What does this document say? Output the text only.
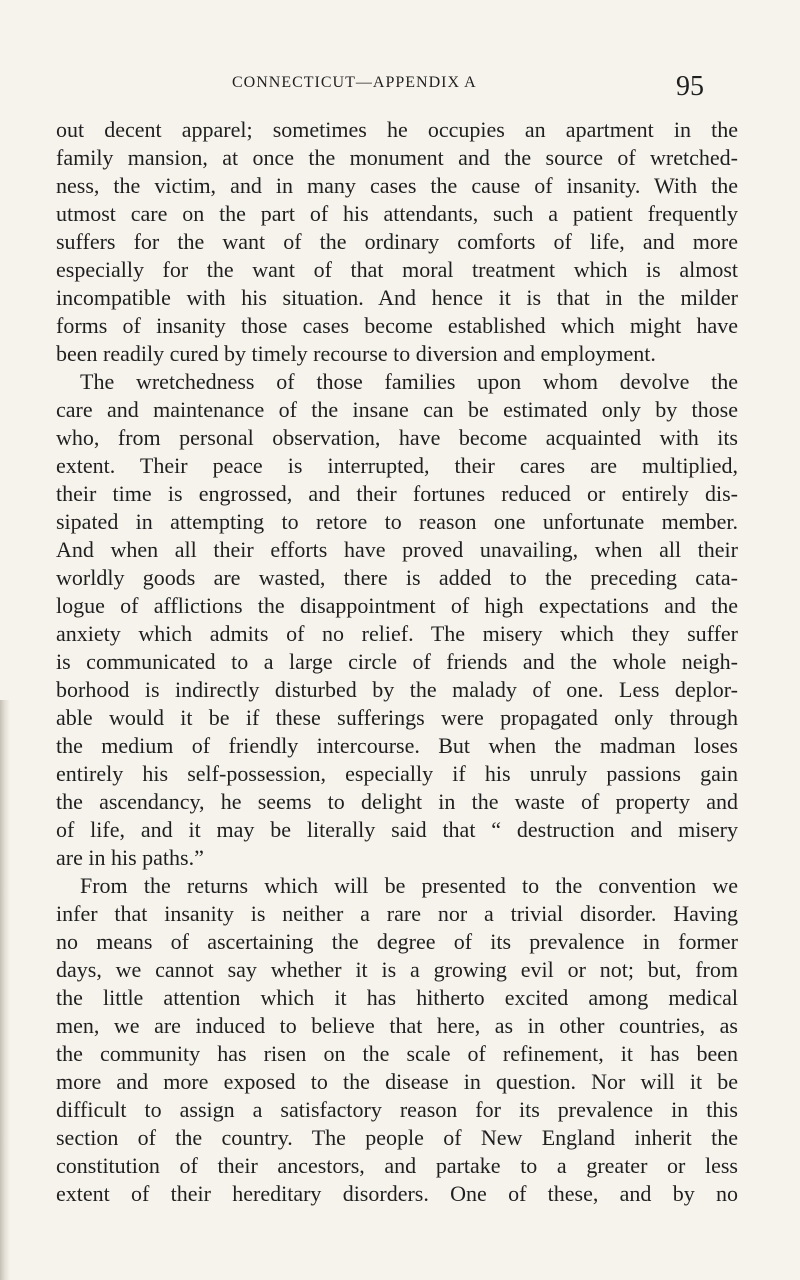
CONNECTICUT—APPENDIX A	95
out decent apparel; sometimes he occupies an apartment in the
family mansion, at once the monument and the source of wretched-
ness, the victim, and in many cases the cause of insanity. With the
utmost care on the part of his attendants, such a patient frequently
suffers for the want of the ordinary comforts of life, and more
especially for the want of that moral treatment which is almost
incompatible with his situation. And hence it is that in the milder
forms of insanity those cases become established which might have
been readily cured by timely recourse to diversion and employment.
The wretchedness of those families upon whom devolve the
care and maintenance of the insane can be estimated only by those
who, from personal observation, have become acquainted with its
extent. Their peace is interrupted, their cares are multiplied,
their time is engrossed, and their fortunes reduced or entirely dis-
sipated in attempting to retore to reason one unfortunate member.
And when all their efforts have proved unavailing, when all their
worldly goods are wasted, there is added to the preceding cata-
logue of afflictions the disappointment of high expectations and the
anxiety which admits of no relief. The misery which they suffer
is communicated to a large circle of friends and the whole neigh-
borhood is indirectly disturbed by the malady of one. Less deplor-
able would it be if these sufferings were propagated only through
the medium of friendly intercourse. But when the madman loses
entirely his self-possession, especially if his unruly passions gain
the ascendancy, he seems to delight in the waste of property and
of life, and it may be literally said that “ destruction and misery
are in his paths.”
From the returns which will be presented to the convention we
infer that insanity is neither a rare nor a trivial disorder. Having
no means of ascertaining the degree of its prevalence in former
days, we cannot say whether it is a growing evil or not; but, from
the little attention which it has hitherto excited among medical
men, we are induced to believe that here, as in other countries, as
the community has risen on the scale of refinement, it has been
more and more exposed to the disease in question. Nor will it be
difficult to assign a satisfactory reason for its prevalence in this
section of the country. The people of New England inherit the
constitution of their ancestors, and partake to a greater or less
extent of their hereditary disorders. One of these, and by no
